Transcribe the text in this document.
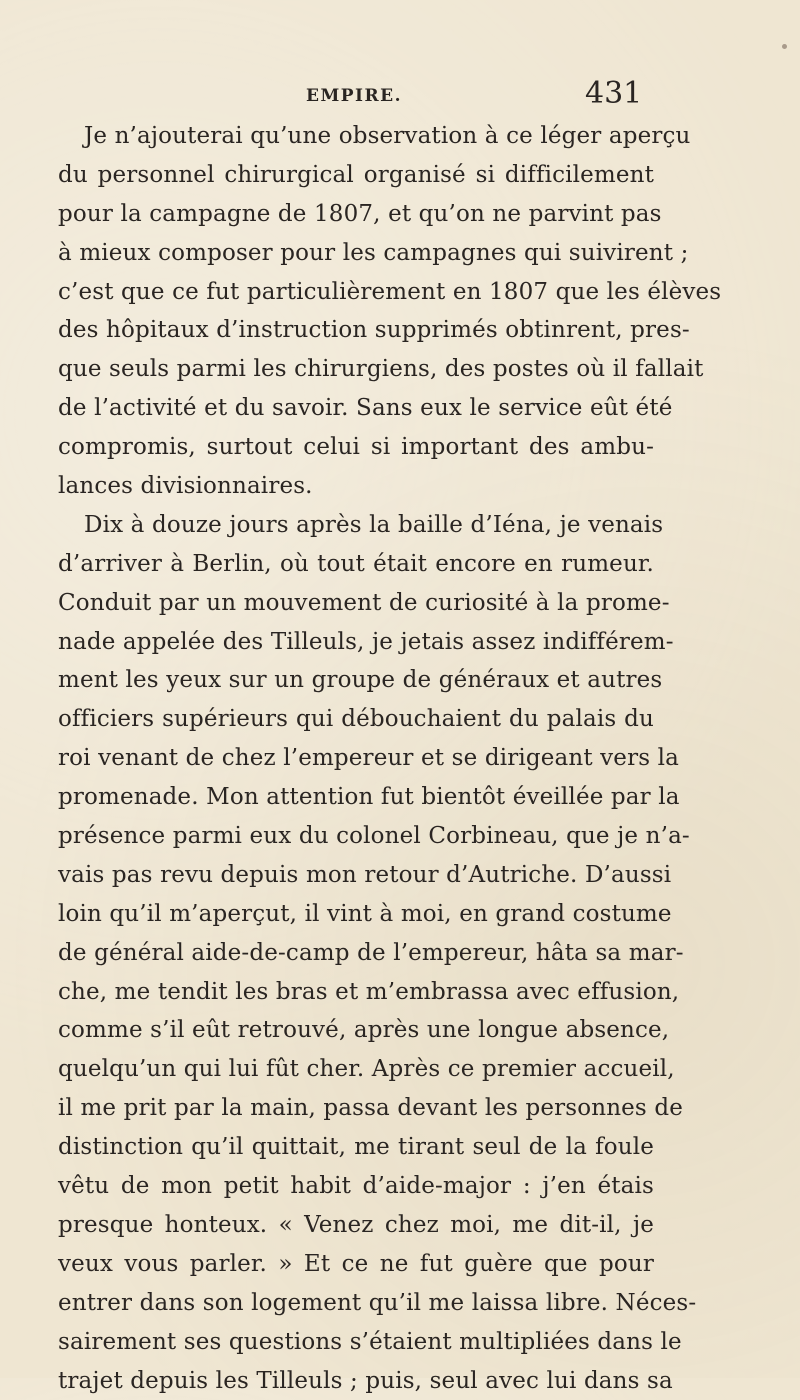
EMPIRE.	431
Je n’ajouterai qu’une observation à ce léger aperçu
du personnel chirurgical organisé si difficilement
pour la campagne de 1807, et qu’on ne parvint pas
à mieux composer pour les campagnes qui suivirent ;
c’est que ce fut particulièrement en 1807 que les élèves
des hôpitaux d’instruction supprimés obtinrent, pres-
que seuls parmi les chirurgiens, des postes où il fallait
de l’activité et du savoir. Sans eux le service eût été
compromis, surtout celui si important des ambu-
lances divisionnaires.
Dix à douze jours après la baille d’Iéna, je venais
d’arriver à Berlin, où tout était encore en rumeur.
Conduit par un mouvement de curiosité à la prome-
nade appelée des Tilleuls, je jetais assez indifférem-
ment les yeux sur un groupe de généraux et autres
officiers supérieurs qui débouchaient du palais du
roi venant de chez l’empereur et se dirigeant vers la
promenade. Mon attention fut bientôt éveillée par la
présence parmi eux du colonel Corbineau, que je n’a-
vais pas revu depuis mon retour d’Autriche. D’aussi
loin qu’il m’aperçut, il vint à moi, en grand costume
de général aide-de-camp de l’empereur, hâta sa mar-
che, me tendit les bras et m’embrassa avec effusion,
comme s’il eût retrouvé, après une longue absence,
quelqu’un qui lui fût cher. Après ce premier accueil,
il me prit par la main, passa devant les personnes de
distinction qu’il quittait, me tirant seul de la foule
vêtu de mon petit habit d’aide-major : j’en étais
presque honteux. « Venez chez moi, me dit-il, je
veux vous parler. » Et ce ne fut guère que pour
entrer dans son logement qu’il me laissa libre. Néces-
sairement ses questions s’étaient multipliées dans le
trajet depuis les Tilleuls ; puis, seul avec lui dans sa
